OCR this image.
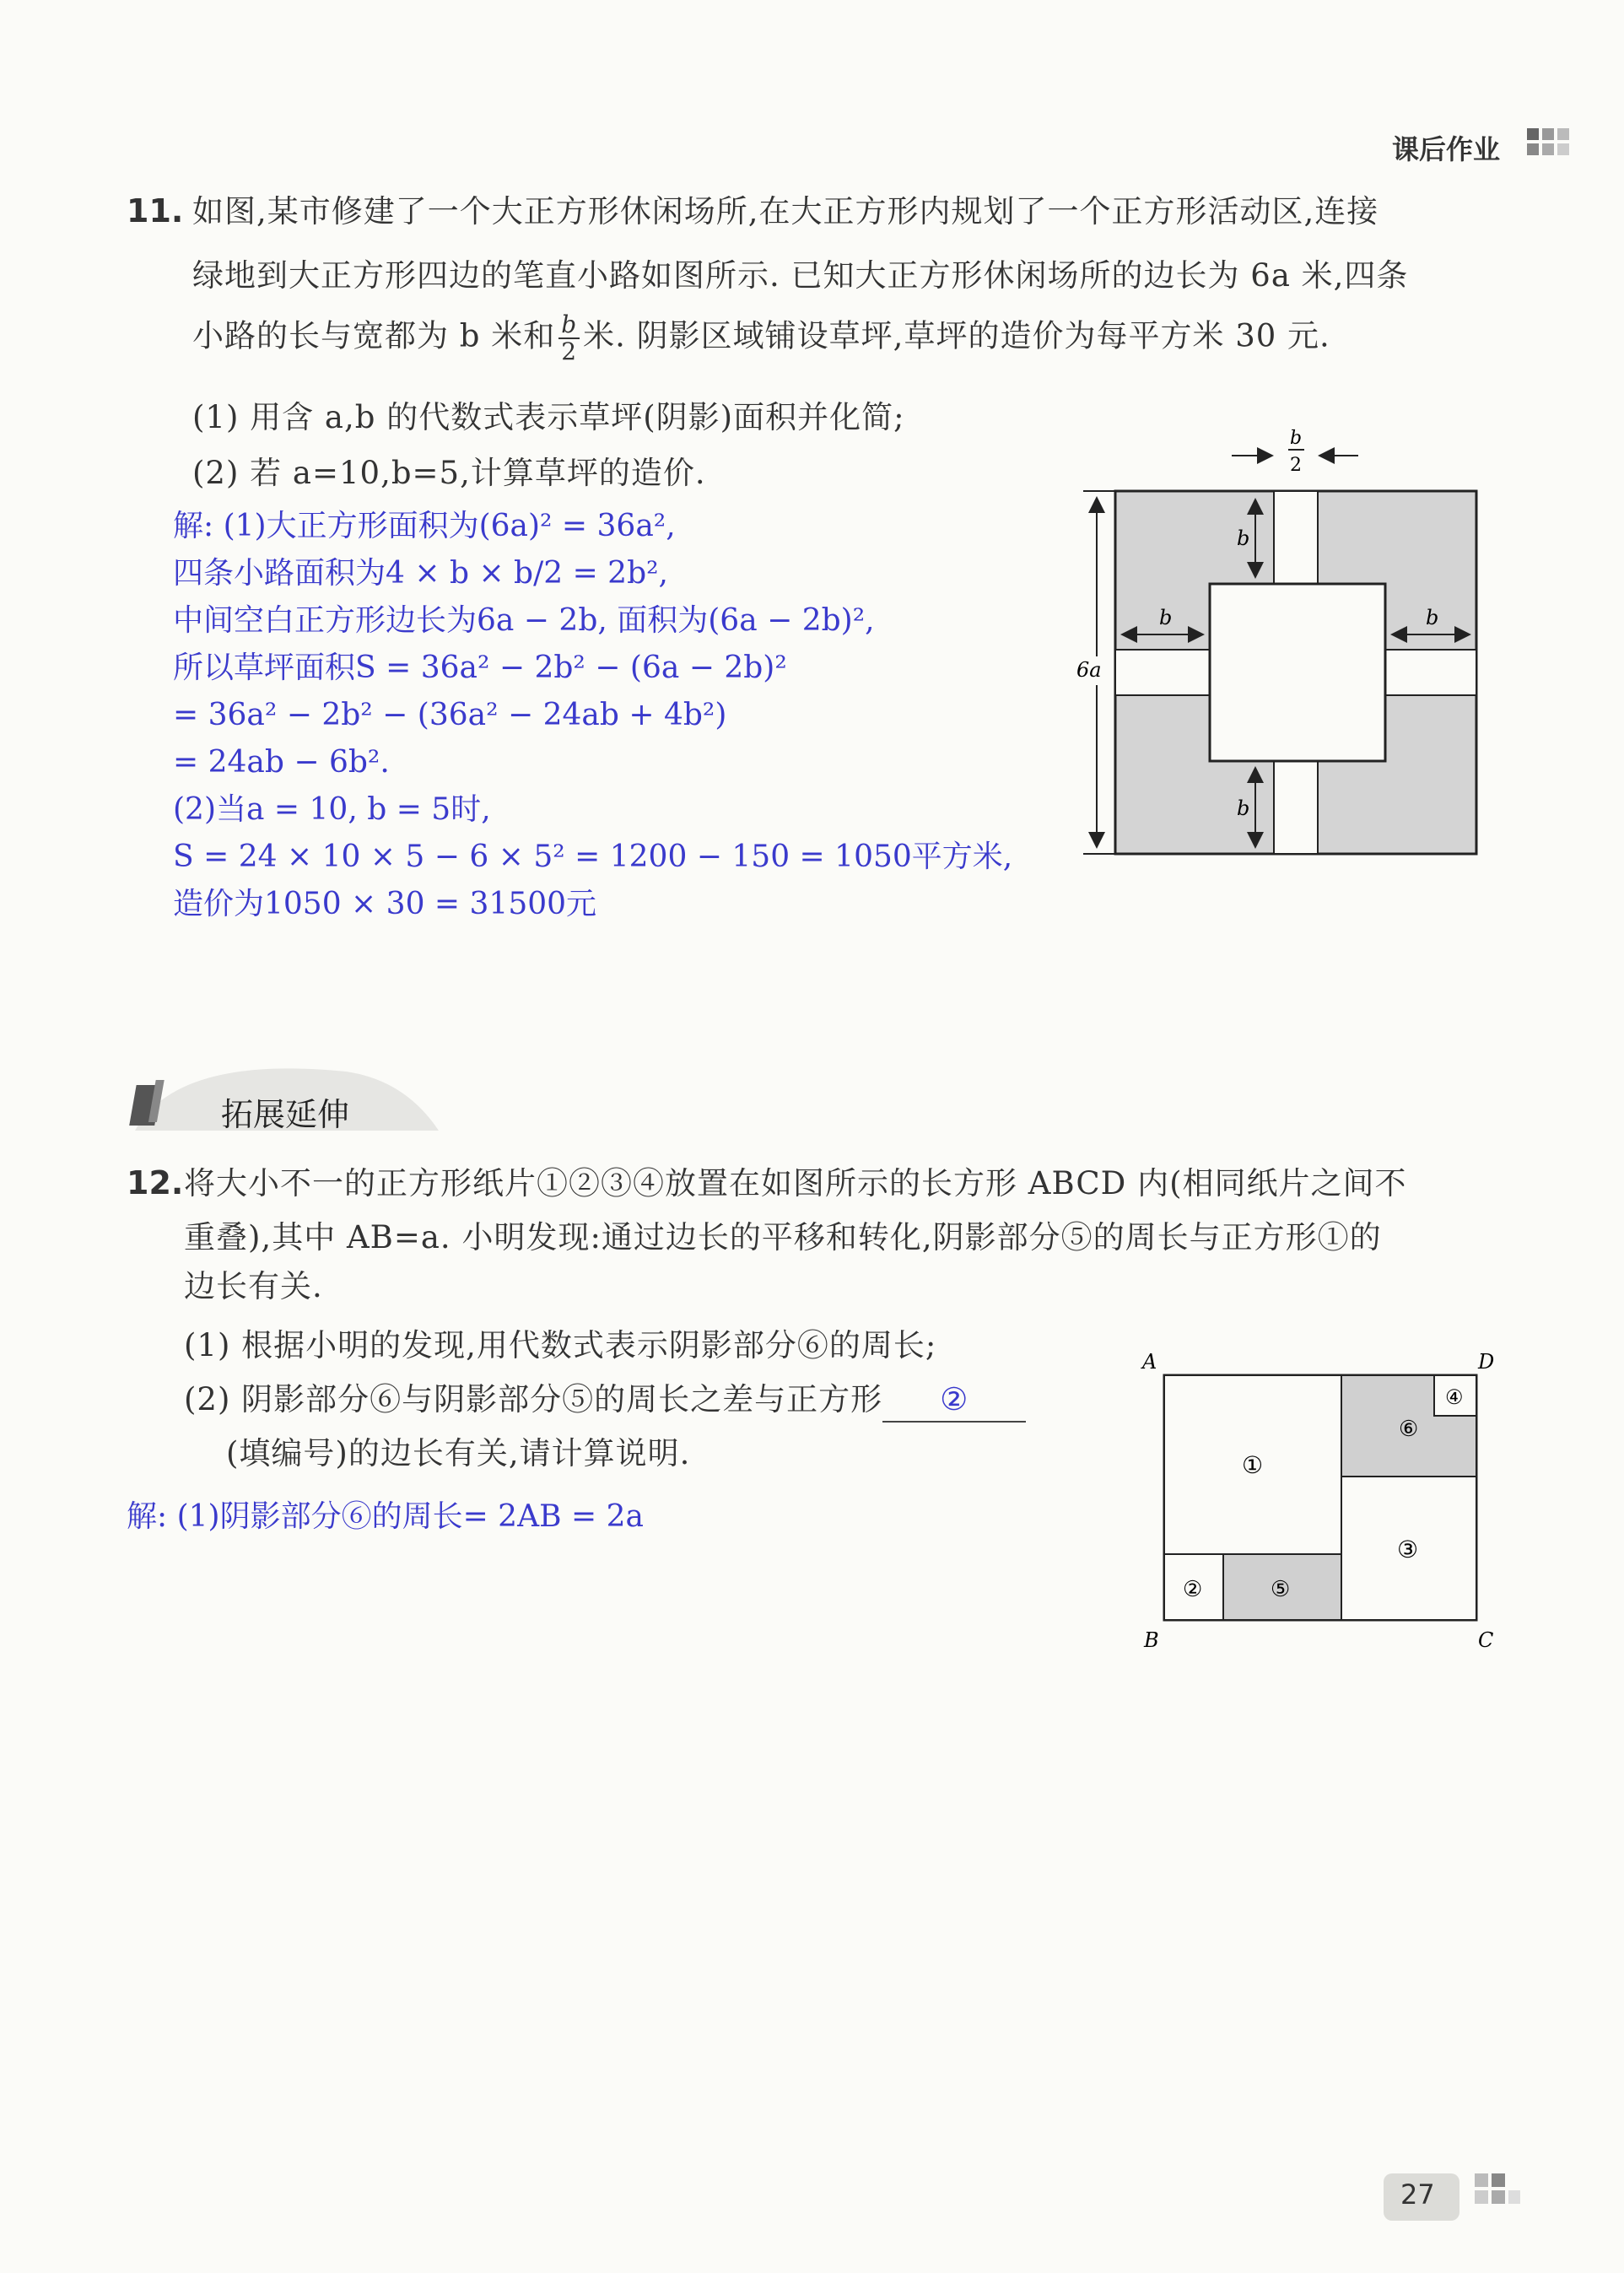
课后作业
11. 如图,某市修建了一个大正方形休闲场所,在大正方形内规划了一个正方形活动区,连接
绿地到大正方形四边的笔直小路如图所示. 已知大正方形休闲场所的边长为 6a 米,四条
小路的长与宽都为 b 米和 $\frac{b}{2}$ 米. 阴影区域铺设草坪,草坪的造价为每平方米 30 元.
(1) 用含 a,b 的代数式表示草坪(阴影)面积并化简;
(2) 若 a=10,b=5,计算草坪的造价.
解: (1)大正方形面积为(6a)² = 36a²,
四条小路面积为4 × b × b/2 = 2b²,
中间空白正方形边长为6a − 2b, 面积为(6a − 2b)²,
所以草坪面积S = 36a² − 2b² − (6a − 2b)²
= 36a² − 2b² − (36a² − 24ab + 4b²)
= 24ab − 6b².
(2)当a = 10, b = 5时,
S = 24 × 10 × 5 − 6 × 5² = 1200 − 150 = 1050平方米,
造价为1050 × 30 = 31500元
6a
b
2
b
b
b	b
拓展延伸
12. 将大小不一的正方形纸片①②③④放置在如图所示的长方形 ABCD 内(相同纸片之间不
重叠),其中 AB=a. 小明发现:通过边长的平移和转化,阴影部分⑤的周长与正方形①的
边长有关.
(1) 根据小明的发现,用代数式表示阴影部分⑥的周长;
(2) 阴影部分⑥与阴影部分⑤的周长之差与正方形 ②
(填编号)的边长有关,请计算说明.
解: (1)阴影部分⑥的周长= 2AB = 2a
①
②
③
④
⑤
⑥
A	D
B	C
27
